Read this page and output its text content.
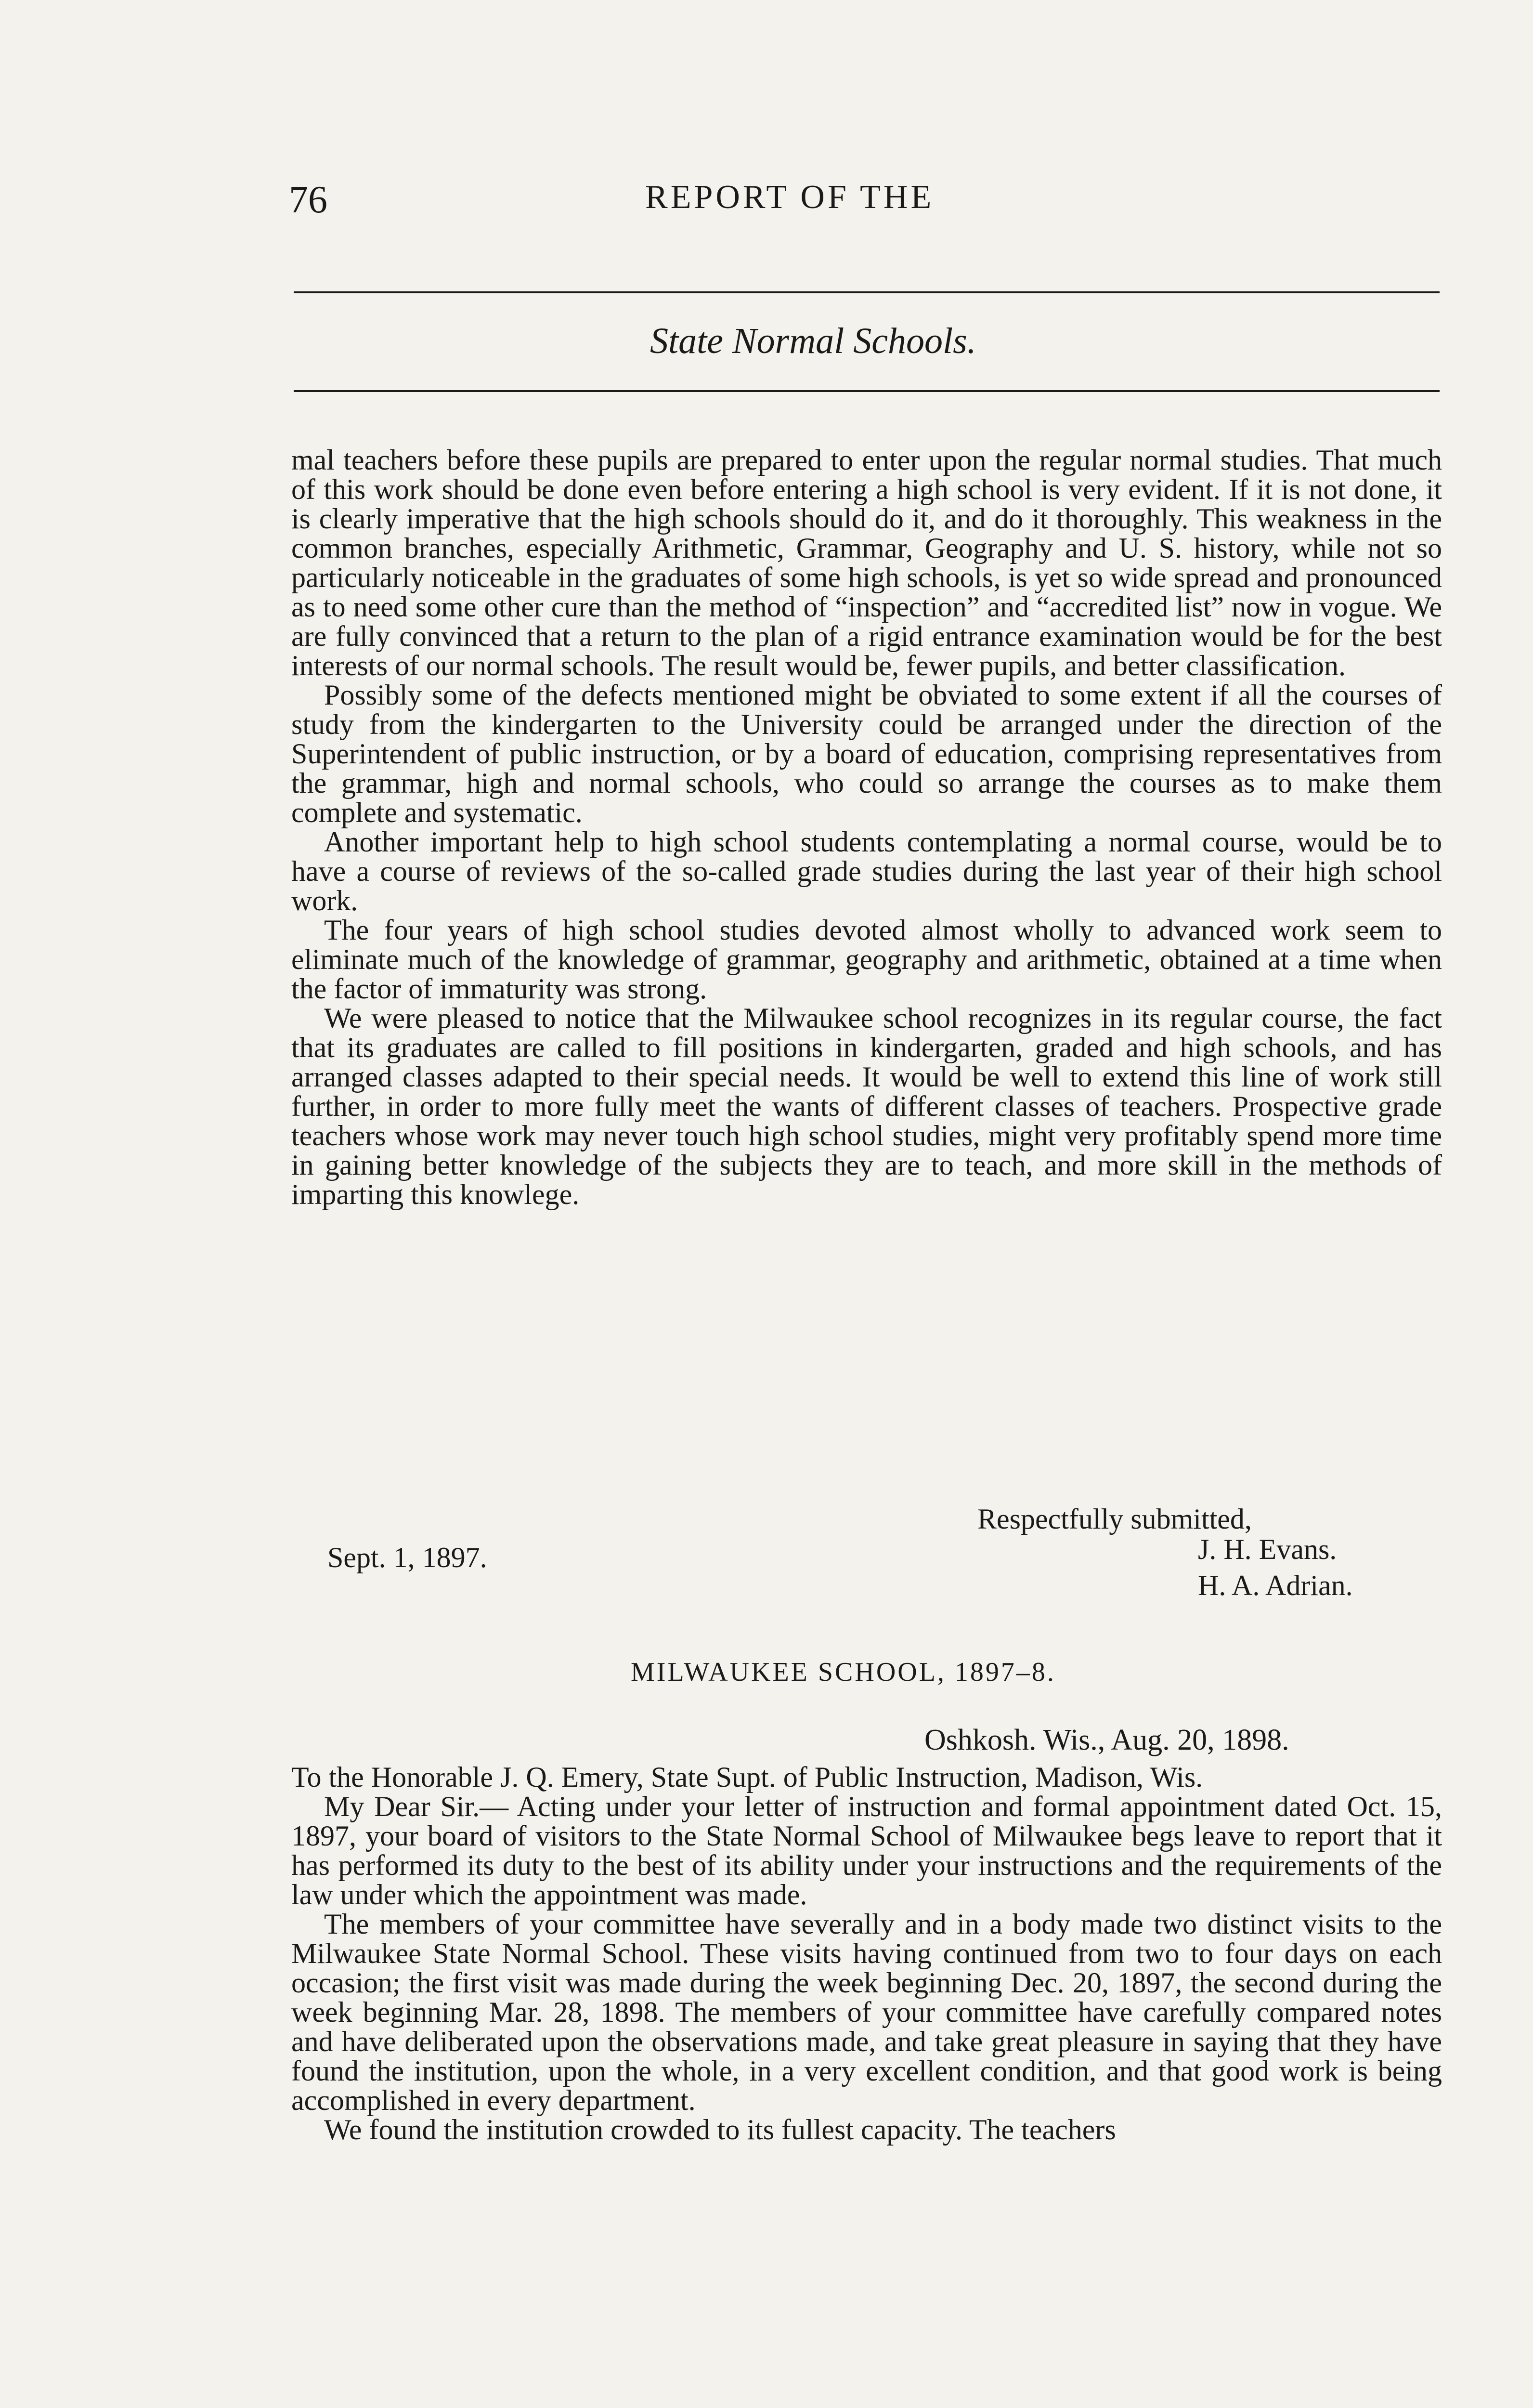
76	REPORT OF THE
State Normal Schools.

mal teachers before these pupils are prepared to enter upon the regular normal studies. That much of this work should be done even before entering a high school is very evident. If it is not done, it is clearly imperative that the high schools should do it, and do it thoroughly. This weakness in the common branches, especially Arithmetic, Grammar, Geography and U. S. history, while not so particularly noticeable in the graduates of some high schools, is yet so wide spread and pronounced as to need some other cure than the method of “inspection” and “accredited list” now in vogue. We are fully convinced that a return to the plan of a rigid entrance examination would be for the best interests of our normal schools. The result would be, fewer pupils, and better classification.

Possibly some of the defects mentioned might be obviated to some extent if all the courses of study from the kindergarten to the University could be arranged under the direction of the Superintendent of public instruction, or by a board of education, comprising representatives from the grammar, high and normal schools, who could so arrange the courses as to make them complete and systematic.

Another important help to high school students contemplating a normal course, would be to have a course of reviews of the so-called grade studies during the last year of their high school work.

The four years of high school studies devoted almost wholly to advanced work seem to eliminate much of the knowledge of grammar, geography and arithmetic, obtained at a time when the factor of immaturity was strong.

We were pleased to notice that the Milwaukee school recognizes in its regular course, the fact that its graduates are called to fill positions in kindergarten, graded and high schools, and has arranged classes adapted to their special needs. It would be well to extend this line of work still further, in order to more fully meet the wants of different classes of teachers. Prospective grade teachers whose work may never touch high school studies, might very profitably spend more time in gaining better knowledge of the subjects they are to teach, and more skill in the methods of imparting this knowlege.

Respectfully submitted,
Sept. 1, 1897.	J. H. Evans.
H. A. Adrian.
MILWAUKEE SCHOOL, 1897–8.
Oshkosh. Wis., Aug. 20, 1898.

To the Honorable J. Q. Emery, State Supt. of Public Instruction, Madison, Wis.

My Dear Sir.— Acting under your letter of instruction and formal appointment dated Oct. 15, 1897, your board of visitors to the State Normal School of Milwaukee begs leave to report that it has performed its duty to the best of its ability under your instructions and the requirements of the law under which the appointment was made.

The members of your committee have severally and in a body made two distinct visits to the Milwaukee State Normal School. These visits having continued from two to four days on each occasion; the first visit was made during the week beginning Dec. 20, 1897, the second during the week beginning Mar. 28, 1898. The members of your committee have carefully compared notes and have deliberated upon the observations made, and take great pleasure in saying that they have found the institution, upon the whole, in a very excellent condition, and that good work is being accomplished in every department.

We found the institution crowded to its fullest capacity. The teachers
